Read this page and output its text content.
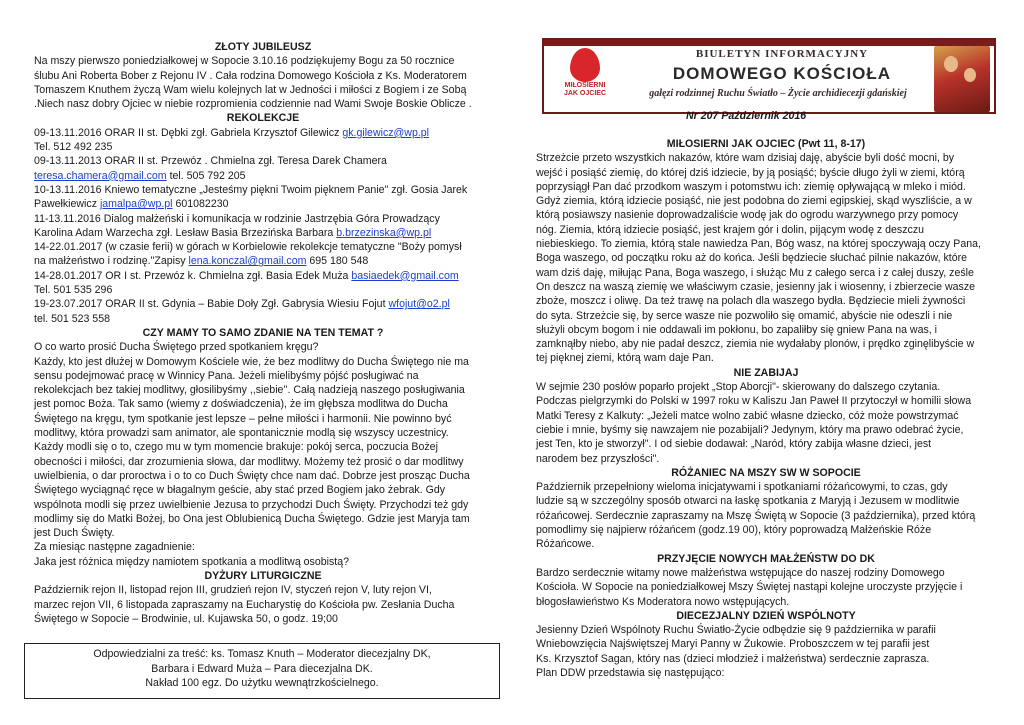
ZŁOTY JUBILEUSZ

Na mszy pierwszo poniedziałkowej w Sopocie 3.10.16 podziękujemy Bogu za 50 rocznice
ślubu Ani Roberta Bober z Rejonu IV . Cała rodzina Domowego Kościoła z Ks. Moderatorem
Tomaszem Knuthem życzą Wam wielu kolejnych lat w Jedności i miłości z Bogiem i ze Sobą
.Niech nasz dobry Ojciec w niebie rozpromienia codziennie nad Wami Swoje Boskie Oblicze .

REKOLEKCJE

09-13.11.2016 ORAR II st. Dębki zgł. Gabriela Krzysztof Gilewicz gk.gilewicz@wp.pl
Tel. 512 492 235
09-13.11.2013 ORAR II st. Przewóz . Chmielna zgł. Teresa Darek Chamera
teresa.chamera@gmail.com tel. 505 792 205
10-13.11.2016 Kniewo tematyczne „Jesteśmy piękni Twoim pięknem Panie" zgł. Gosia Jarek
Pawełkiewicz jamalpa@wp.pl 601082230
11-13.11.2016 Dialog małżeński i komunikacja w rodzinie Jastrzębia Góra Prowadzący
Karolina Adam Warzecha zgł. Lesław Basia Brzezińska Barbara b.brzezinska@wp.pl
14-22.01.2017 (w czasie ferii) w górach w Korbielowie rekolekcje tematyczne "Boży pomysł
na małżeństwo i rodzinę."Zapisy lena.konczal@gmail.com 695 180 548
14-28.01.2017 OR I st. Przewóz k. Chmielna zgł. Basia Edek Muża basiaedek@gmail.com
Tel. 501 535 296
19-23.07.2017 ORAR II st. Gdynia – Babie Doły Zgł. Gabrysia Wiesiu Fojut wfojut@o2.pl
tel. 501 523 558

CZY MAMY TO SAMO ZDANIE NA TEN TEMAT ?

O co warto prosić Ducha Świętego przed spotkaniem kręgu?
Każdy, kto jest dłużej w Domowym Kościele wie, że bez modlitwy do Ducha Świętego nie ma
sensu podejmować pracę w Winnicy Pana. Jeżeli mielibyśmy pójść posługiwać na
rekolekcjach bez takiej modlitwy, głosilibyśmy ,,siebie''. Całą nadzieją naszego posługiwania
jest pomoc Boża. Tak samo (wiemy z doświadczenia), że im głębsza modlitwa do Ducha
Świętego na kręgu, tym spotkanie jest lepsze – pełne miłości i harmonii. Nie powinno być
modlitwy, która prowadzi sam animator, ale spontanicznie modlą się wszyscy uczestnicy.
Każdy modli się o to, czego mu w tym momencie brakuje: pokój serca, poczucia Bożej
obecności i miłości, dar zrozumienia słowa, dar modlitwy. Możemy też prosić o dar modlitwy
uwielbienia, o dar proroctwa i o to co Duch Święty chce nam dać. Dobrze jest prosząc Ducha
Świętego wyciągnąć ręce w błagalnym geście, aby stać przed Bogiem jako żebrak. Gdy
wspólnota modli się przez uwielbienie Jezusa to przychodzi Duch Święty. Przychodzi też gdy
modlimy się do Matki Bożej, bo Ona jest Oblubienicą Ducha Świętego. Gdzie jest Maryja tam
jest Duch Święty.
Za miesiąc następne zagadnienie:
Jaka jest różnica między namiotem spotkania a modlitwą osobistą?

DYŻURY LITURGICZNE

Październik rejon II, listopad rejon III, grudzień rejon IV, styczeń rejon V, luty rejon VI,
marzec rejon VII, 6 listopada zapraszamy na Eucharystię do Kościoła pw. Zesłania Ducha
Świętego w Sopocie – Brodwinie, ul. Kujawska 50, o godz. 19;00
Odpowiedzialni za treść: ks. Tomasz Knuth – Moderator diecezjalny DK,
Barbara i Edward Muża – Para diecezjalna DK.
Nakład 100 egz. Do użytku wewnątrzkościelnego.
MIŁOSIERNI
JAK OJCIEC
BIULETYN INFORMACYJNY
DOMOWEGO KOŚCIOŁA
gałęzi rodzinnej Ruchu Światło – Życie archidiecezji gdańskiej
Nr 207 Październik 2016

MIŁOSIERNI JAK OJCIEC (Pwt 11, 8-17)

Strzeżcie przeto wszystkich nakazów, które wam dzisiaj daję, abyście byli dość mocni, by
wejść i posiąść ziemię, do której dziś idziecie, by ją posiąść; byście długo żyli w ziemi, którą
poprzysiągł Pan dać przodkom waszym i potomstwu ich: ziemię opływającą w mleko i miód.
Gdyż ziemia, którą idziecie posiąść, nie jest podobna do ziemi egipskiej, skąd wyszliście, a w
którą posiawszy nasienie doprowadzaliście wodę jak do ogrodu warzywnego przy pomocy
nóg. Ziemia, którą idziecie posiąść, jest krajem gór i dolin, pijącym wodę z deszczu
niebieskiego. To ziemia, którą stale nawiedza Pan, Bóg wasz, na której spoczywają oczy Pana,
Boga waszego, od początku roku aż do końca. Jeśli będziecie słuchać pilnie nakazów, które
wam dziś daję, miłując Pana, Boga waszego, i służąc Mu z całego serca i z całej duszy, ześle
On deszcz na waszą ziemię we właściwym czasie, jesienny jak i wiosenny, i zbierzecie wasze
zboże, moszcz i oliwę. Da też trawę na polach dla waszego bydła. Będziecie mieli żywności
do syta. Strzeżcie się, by serce wasze nie pozwoliło się omamić, abyście nie odeszli i nie
służyli obcym bogom i nie oddawali im pokłonu, bo zapaliłby się gniew Pana na was, i
zamknąłby niebo, aby nie padał deszcz, ziemia nie wydałaby plonów, i prędko zginęlibyście w
tej pięknej ziemi, którą wam daje Pan.

NIE ZABIJAJ

W sejmie 230 posłów poparło projekt „Stop Aborcji"- skierowany do dalszego czytania.
Podczas pielgrzymki do Polski w 1997 roku w Kaliszu Jan Paweł II przytoczył w homilii słowa
Matki Teresy z Kalkuty: „Jeżeli matce wolno zabić własne dziecko, cóż może powstrzymać
ciebie i mnie, byśmy się nawzajem nie pozabijali? Jedynym, który ma prawo odebrać życie,
jest Ten, kto je stworzył". I od siebie dodawał: „Naród, który zabija własne dzieci, jest
narodem bez przyszłości".

RÓŻANIEC NA MSZY SW W SOPOCIE

Październik przepełniony wieloma inicjatywami i spotkaniami różańcowymi, to czas, gdy
ludzie są w szczególny sposób otwarci na łaskę spotkania z Maryją i Jezusem w modlitwie
różańcowej. Serdecznie zapraszamy na Mszę Świętą w Sopocie (3 października), przed którą
pomodlimy się najpierw różańcem (godz.19 00), który poprowadzą Małżeńskie Róże
Różańcowe.

PRZYJĘCIE NOWYCH MAŁŻEŃSTW DO DK

Bardzo serdecznie witamy nowe małżeństwa wstępujące do naszej rodziny Domowego
Kościoła. W Sopocie na poniedziałkowej Mszy Świętej nastąpi kolejne uroczyste przyjęcie i
błogosławieństwo Ks Moderatora nowo wstępujących.

DIECEZJALNY DZIEŃ WSPÓLNOTY

Jesienny Dzień Wspólnoty Ruchu Światło-Życie odbędzie się 9 października w parafii
Wniebowzięcia Najświętszej Maryi Panny w Żukowie. Proboszczem w tej parafii jest
Ks. Krzysztof Sagan, który nas (dzieci młodzież i małżeństwa) serdecznie zaprasza.
Plan DDW przedstawia się następująco:
